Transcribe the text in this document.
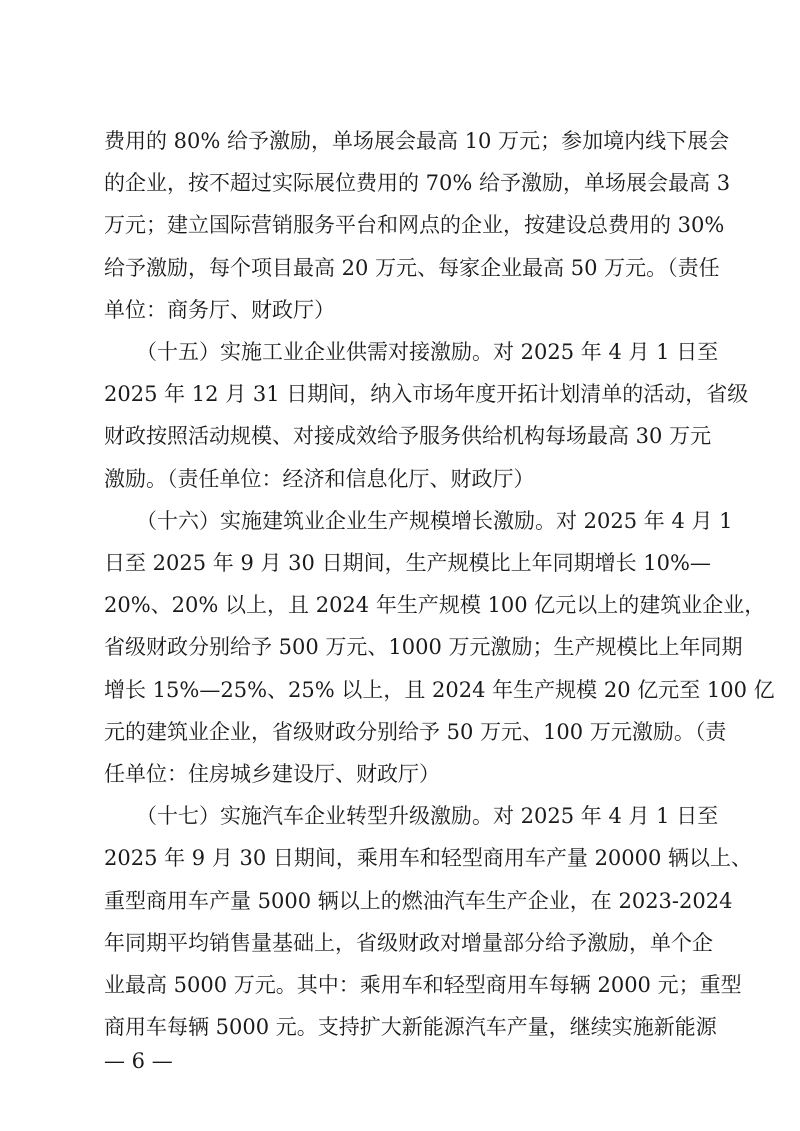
费用的 80% 给予激励，单场展会最高 10 万元；参加境内线下展会
的企业，按不超过实际展位费用的 70% 给予激励，单场展会最高 3
万元；建立国际营销服务平台和网点的企业，按建设总费用的 30%
给予激励，每个项目最高 20 万元、每家企业最高 50 万元。（责任
单位：商务厅、财政厅）
（十五）实施工业企业供需对接激励。对 2025 年 4 月 1 日至
2025 年 12 月 31 日期间，纳入市场年度开拓计划清单的活动，省级
财政按照活动规模、对接成效给予服务供给机构每场最高 30 万元
激励。（责任单位：经济和信息化厅、财政厅）
（十六）实施建筑业企业生产规模增长激励。对 2025 年 4 月 1
日至 2025 年 9 月 30 日期间，生产规模比上年同期增长 10%—
20%、20% 以上，且 2024 年生产规模 100 亿元以上的建筑业企业，
省级财政分别给予 500 万元、1000 万元激励；生产规模比上年同期
增长 15%—25%、25% 以上，且 2024 年生产规模 20 亿元至 100 亿
元的建筑业企业，省级财政分别给予 50 万元、100 万元激励。（责
任单位：住房城乡建设厅、财政厅）
（十七）实施汽车企业转型升级激励。对 2025 年 4 月 1 日至
2025 年 9 月 30 日期间，乘用车和轻型商用车产量 20000 辆以上、
重型商用车产量 5000 辆以上的燃油汽车生产企业，在 2023-2024
年同期平均销售量基础上，省级财政对增量部分给予激励，单个企
业最高 5000 万元。其中：乘用车和轻型商用车每辆 2000 元；重型
商用车每辆 5000 元。支持扩大新能源汽车产量，继续实施新能源
— 6 —
